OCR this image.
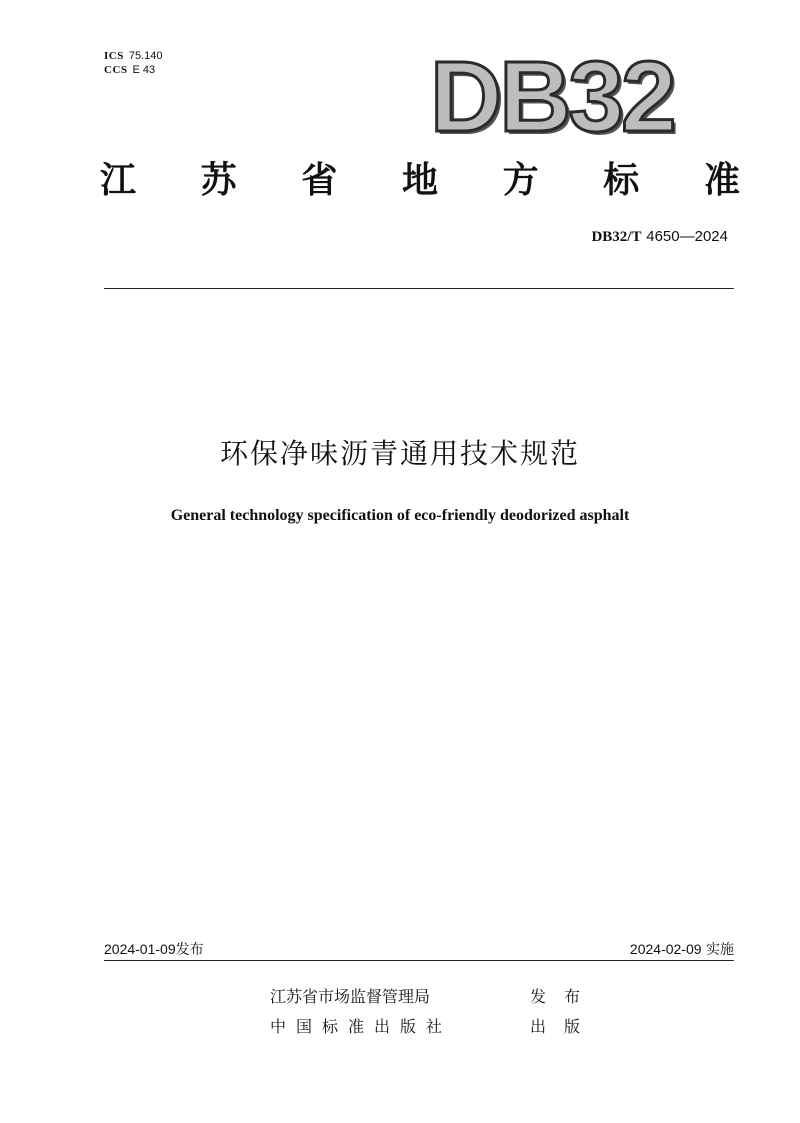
ICS 75.140
CCS E 43	DB32
江 苏 省 地 方 标 准
DB32/T 4650—2024
环保净味沥青通用技术规范
General technology specification of eco-friendly deodorized asphalt
2024-01-09发布	2024-02-09 实施
江苏省市场监督管理局	发布
中国标准出版社	出版
